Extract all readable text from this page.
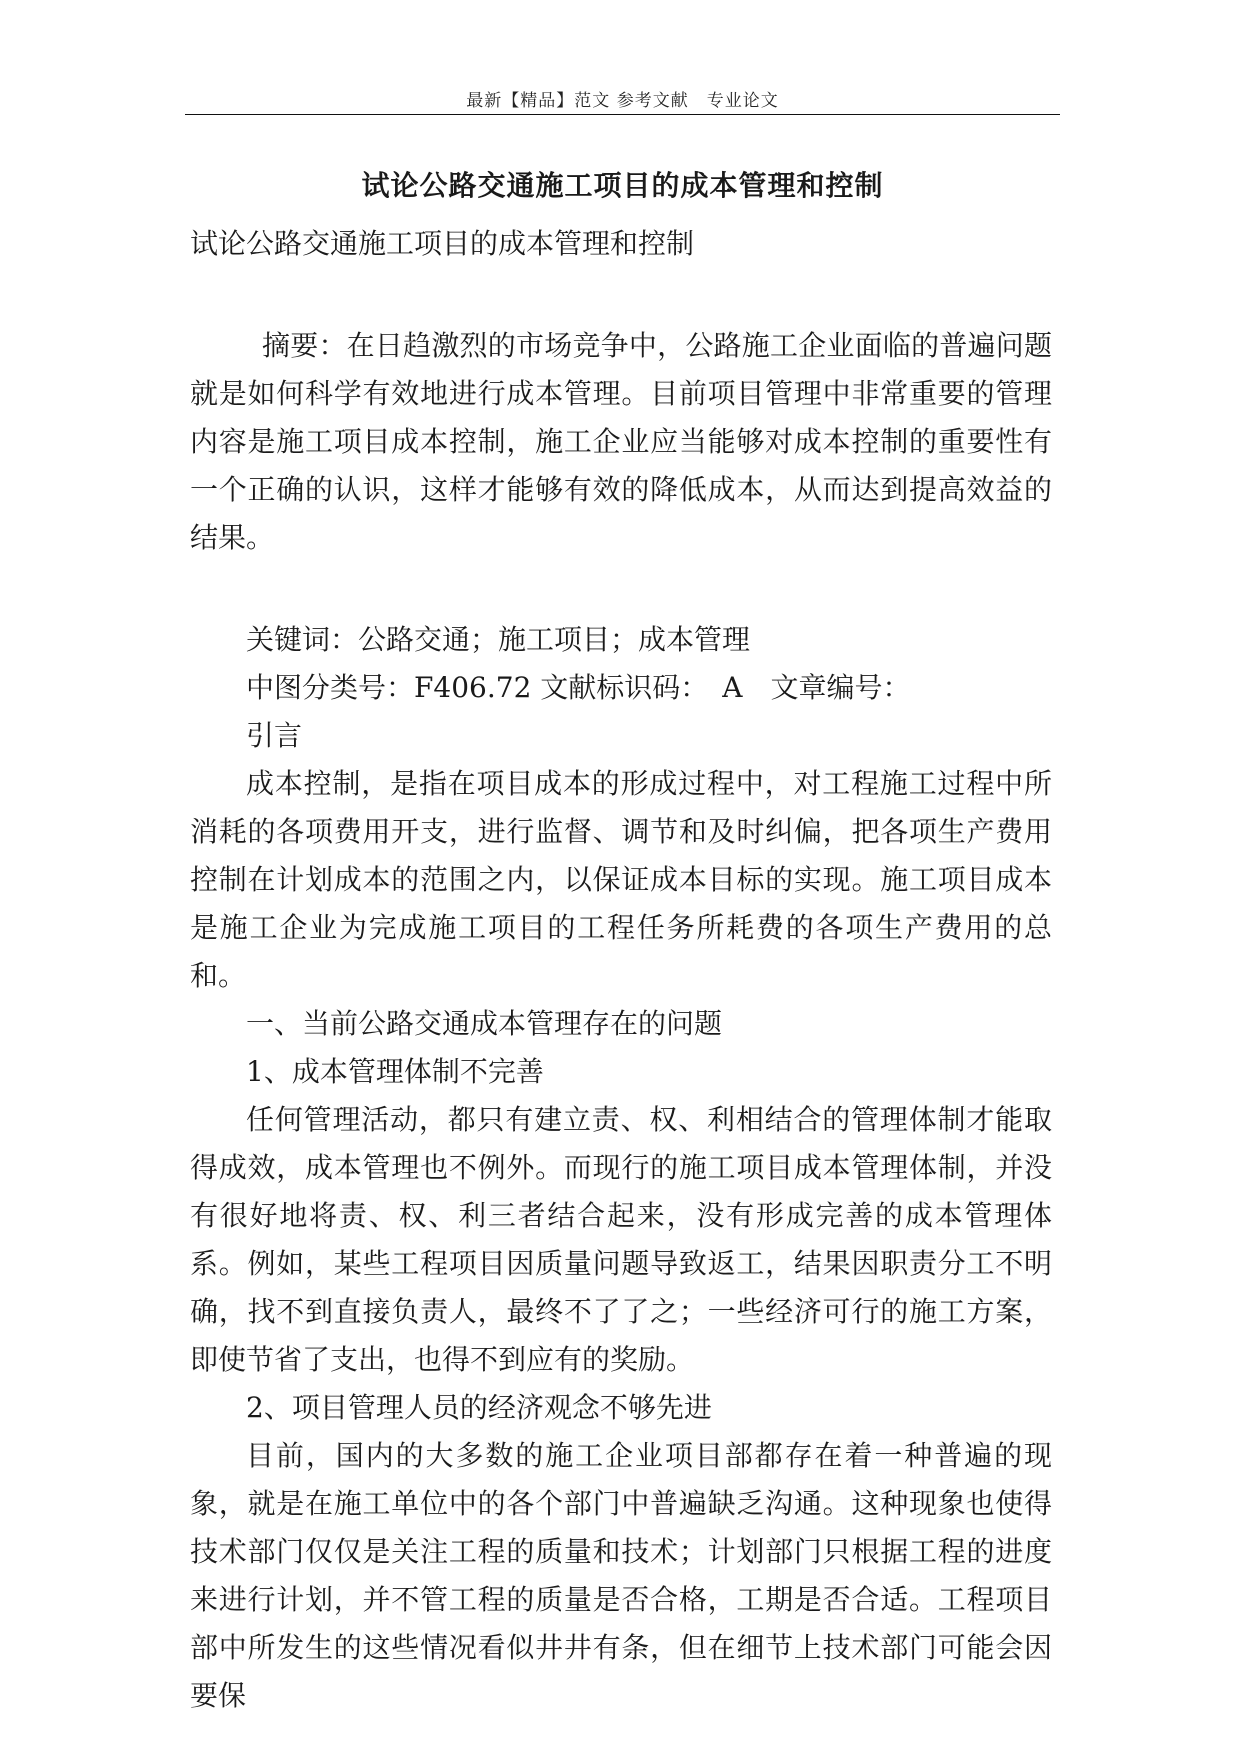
最新【精品】范文 参考文献　专业论文
试论公路交通施工项目的成本管理和控制

试论公路交通施工项目的成本管理和控制

摘要：在日趋激烈的市场竞争中，公路施工企业面临的普遍问题就是如何科学有效地进行成本管理。目前项目管理中非常重要的管理内容是施工项目成本控制，施工企业应当能够对成本控制的重要性有一个正确的认识，这样才能够有效的降低成本，从而达到提高效益的结果。

关键词：公路交通；施工项目；成本管理

中图分类号：F406.72 文献标识码：　A　文章编号：

引言

成本控制，是指在项目成本的形成过程中，对工程施工过程中所消耗的各项费用开支，进行监督、调节和及时纠偏，把各项生产费用控制在计划成本的范围之内，以保证成本目标的实现。施工项目成本是施工企业为完成施工项目的工程任务所耗费的各项生产费用的总和。

一、当前公路交通成本管理存在的问题

1、成本管理体制不完善

任何管理活动，都只有建立责、权、利相结合的管理体制才能取得成效，成本管理也不例外。而现行的施工项目成本管理体制，并没有很好地将责、权、利三者结合起来，没有形成完善的成本管理体系。例如，某些工程项目因质量问题导致返工，结果因职责分工不明确，找不到直接负责人，最终不了了之；一些经济可行的施工方案，即使节省了支出，也得不到应有的奖励。

2、项目管理人员的经济观念不够先进

目前，国内的大多数的施工企业项目部都存在着一种普遍的现象，就是在施工单位中的各个部门中普遍缺乏沟通。这种现象也使得技术部门仅仅是关注工程的质量和技术；计划部门只根据工程的进度来进行计划，并不管工程的质量是否合格，工期是否合适。工程项目部中所发生的这些情况看似井井有条，但在细节上技术部门可能会因要保
